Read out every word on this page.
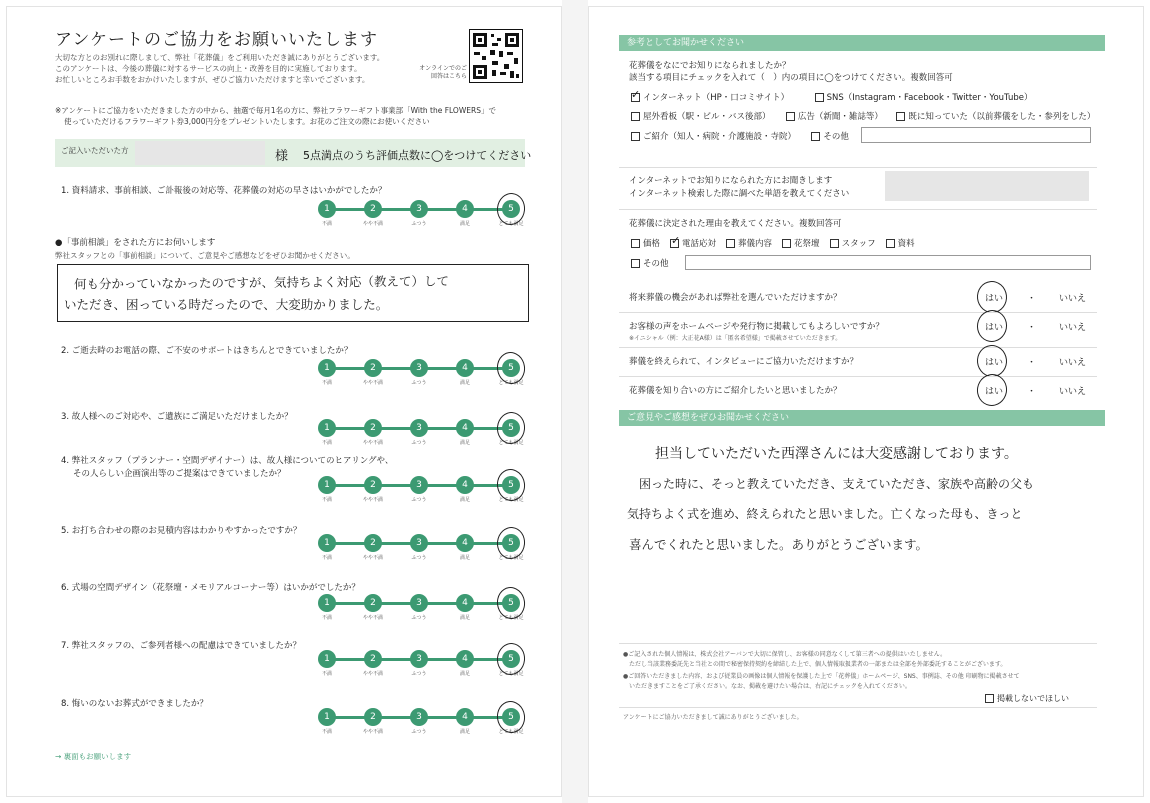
アンケートのご協力をお願いいたします
大切な方とのお別れに際しまして、弊社「花葬儀」をご利用いただき誠にありがとうございます。
このアンケートは、今後の葬儀に対するサービスの向上・改善を目的に実施しております。
お忙しいところお手数をおかけいたしますが、ぜひご協力いただけますと幸いでございます。
オンラインでのご回答はこちら
※アンケートにご協力をいただきました方の中から、抽選で毎月1名の方に、弊社フラワーギフト事業部「With the FLOWERS」で
使っていただけるフラワーギフト券3,000円分をプレゼントいたします。お花のご注文の際にお使いください
ご記入いただいた方	様 5点満点のうち評価点数に◯をつけてください
●「事前相談」をされた方にお伺いします
弊社スタッフとの「事前相談」について、ご意見やご感想などをぜひお聞かせください。
何も分かっていなかったのですが、気持ちよく対応（教えて）して
いただき、困っている時だったので、大変助かりました。
→ 裏面もお願いします
1. 資料請求、事前相談、ご訃報後の対応等、花葬儀の対応の早さはいかがでしたか？
1
不満
2
やや不満
3
ふつう
4
満足
5
とても満足
2. ご逝去時のお電話の際、ご不安のサポートはきちんとできていましたか？
1
不満
2
やや不満
3
ふつう
4
満足
5
とても満足
3. 故人様へのご対応や、ご遺族にご満足いただけましたか？
1
不満
2
やや不満
3
ふつう
4
満足
5
とても満足
4. 弊社スタッフ（プランナー・空間デザイナー）は、故人様についてのヒアリングや、
その人らしい企画演出等のご提案はできていましたか？
1
不満
2
やや不満
3
ふつう
4
満足
5
とても満足
5. お打ち合わせの際のお見積内容はわかりやすかったですか？
1
不満
2
やや不満
3
ふつう
4
満足
5
とても満足
6. 式場の空間デザイン（花祭壇・メモリアルコーナー等）はいかがでしたか？
1
不満
2
やや不満
3
ふつう
4
満足
5
とても満足
7. 弊社スタッフの、ご参列者様への配慮はできていましたか？
1
不満
2
やや不満
3
ふつう
4
満足
5
とても満足
8. 悔いのないお葬式ができましたか？
1
不満
2
やや不満
3
ふつう
4
満足
5
とても満足
参考としてお聞かせください
花葬儀をなにでお知りになられましたか？
該当する項目にチェックを入れて（　）内の項目に◯をつけてください。複数回答可
✓ インターネット（HP・口コミサイト）	SNS（Instagram・Facebook・Twitter・YouTube）
屋外看板（駅・ビル・バス後部）	広告（新聞・雑誌等）	既に知っていた（以前葬儀をした・参列をした）
ご紹介（知人・病院・介護施設・寺院）	その他
インターネットでお知りになられた方にお聞きします
インターネット検索した際に調べた単語を教えてください
花葬儀に決定された理由を教えてください。複数回答可
価格 ✓ 電話応対	葬儀内容	花祭壇	スタッフ	資料
その他
ご意見やご感想をぜひお聞かせください
担当していただいた西澤さんには大変感謝しております。
困った時に、そっと教えていただき、支えていただき、家族や高齢の父も
気持ちよく式を進め、終えられたと思いました。亡くなった母も、きっと
喜んでくれたと思いました。ありがとうございます。
●ご記入された個人情報は、株式会社アーバンで大切に保管し、お客様の同意なくして第三者への提供はいたしません。
ただし当該業務委託先と当社との間で秘密保持契約を締結した上で、個人情報取扱業者の一部または全部を外部委託することがございます。
●ご回答いただきました内容、および従業員の画像は個人情報を保護した上で「花葬儀」ホームページ、SNS、事例誌、その他 印刷物に掲載させて
いただきますことをご了承ください。なお、掲載を避けたい場合は、右記にチェックを入れてください。
掲載しないでほしい
アンケートにご協力いただきまして誠にありがとうございました。
将来葬儀の機会があれば弊社を選んでいただけますか？	はい	・	いいえ
お客様の声をホームページや発行物に掲載してもよろしいですか？	はい	・	いいえ
※イニシャル（例：大正花A様）は「匿名希望様」で掲載させていただきます。
葬儀を終えられて、インタビューにご協力いただけますか？	はい	・	いいえ
花葬儀を知り合いの方にご紹介したいと思いましたか？	はい	・	いいえ
